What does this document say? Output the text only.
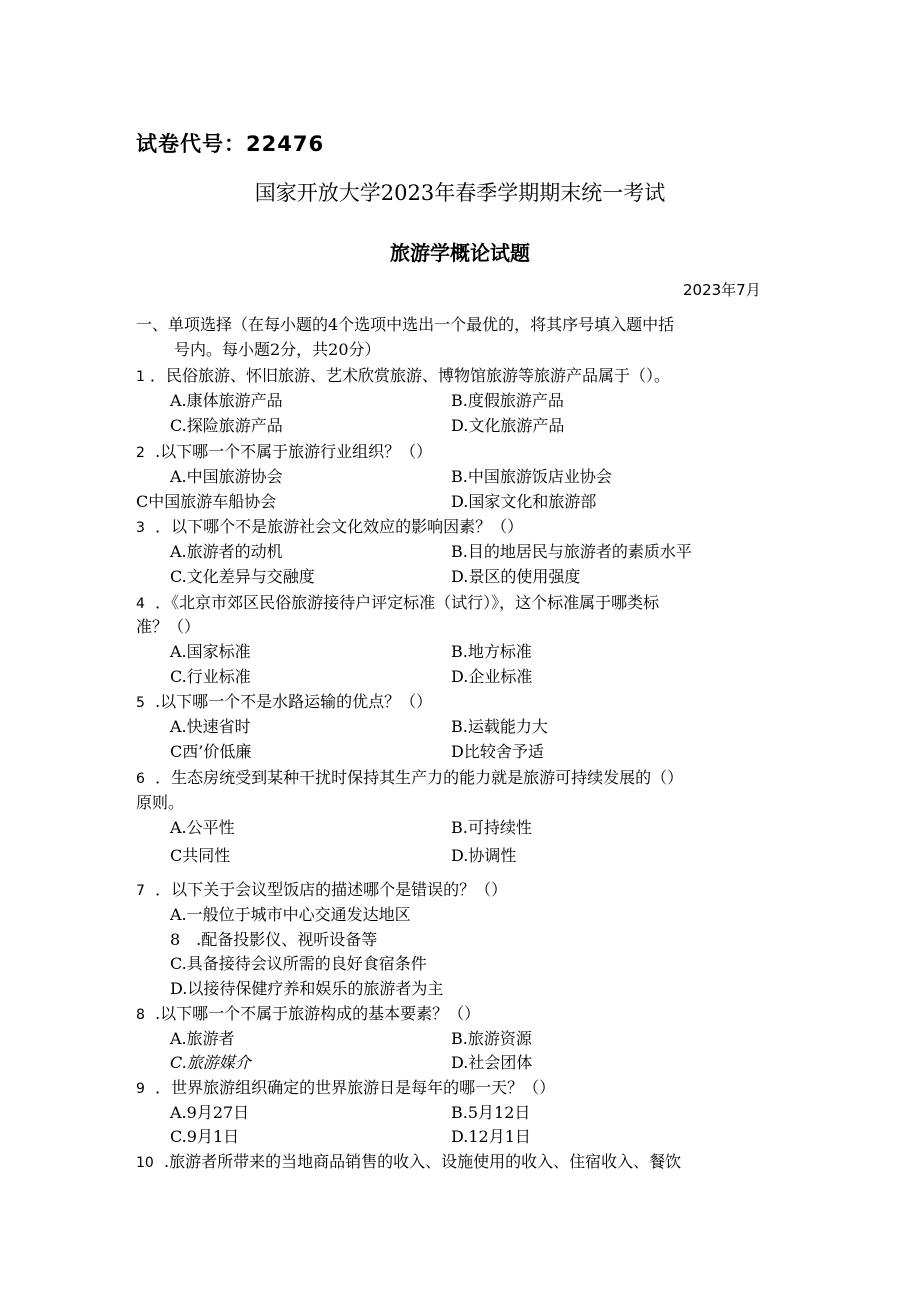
试卷代号：22476
国家开放大学2023年春季学期期末统一考试
旅游学概论试题
2023年7月
一、单项选择（在每小题的4个选项中选出一个最优的，将其序号填入题中括
号内。每小题2分，共20分）
1 ．民俗旅游、怀旧旅游、艺术欣赏旅游、博物馆旅游等旅游产品属于（）。
A.康体旅游产品	B.度假旅游产品
C.探险旅游产品	D.文化旅游产品
2 .以下哪一个不属于旅游行业组织？（）
A.中国旅游协会	B.中国旅游饭店业协会
C中国旅游车船协会	D.国家文化和旅游部
3 ．以下哪个不是旅游社会文化效应的影响因素？（）
A.旅游者的动机	B.目的地居民与旅游者的素质水平
C.文化差异与交融度	D.景区的使用强度
4 ．《北京市郊区民俗旅游接待户评定标准（试行）》，这个标准属于哪类标
准？（）
A.国家标准	B.地方标准
C.行业标准	D.企业标准
5 .以下哪一个不是水路运输的优点？（）
A.快速省时	B.运载能力大
C西’价低廉	D比较舍予适
6 ．生态房统受到某种干扰时保持其生产力的能力就是旅游可持续发展的（）
原则。
A.公平性	B.可持续性
C共同性	D.协调性
7 ．以下关于会议型饭店的描述哪个是错误的？（）
A.一般位于城市中心交通发达地区
8　.配备投影仪、视听设备等
C.具备接待会议所需的良好食宿条件
D.以接待保健疗养和娱乐的旅游者为主
8 .以下哪一个不属于旅游构成的基本要素？（）
A.旅游者	B.旅游资源
C.旅游媒介	D.社会团体
9 ．世界旅游组织确定的世界旅游日是每年的哪一天？（）
A.9月27日	B.5月12日
C.9月1日	D.12月1日
10 .旅游者所带来的当地商品销售的收入、设施使用的收入、住宿收入、餐饮
